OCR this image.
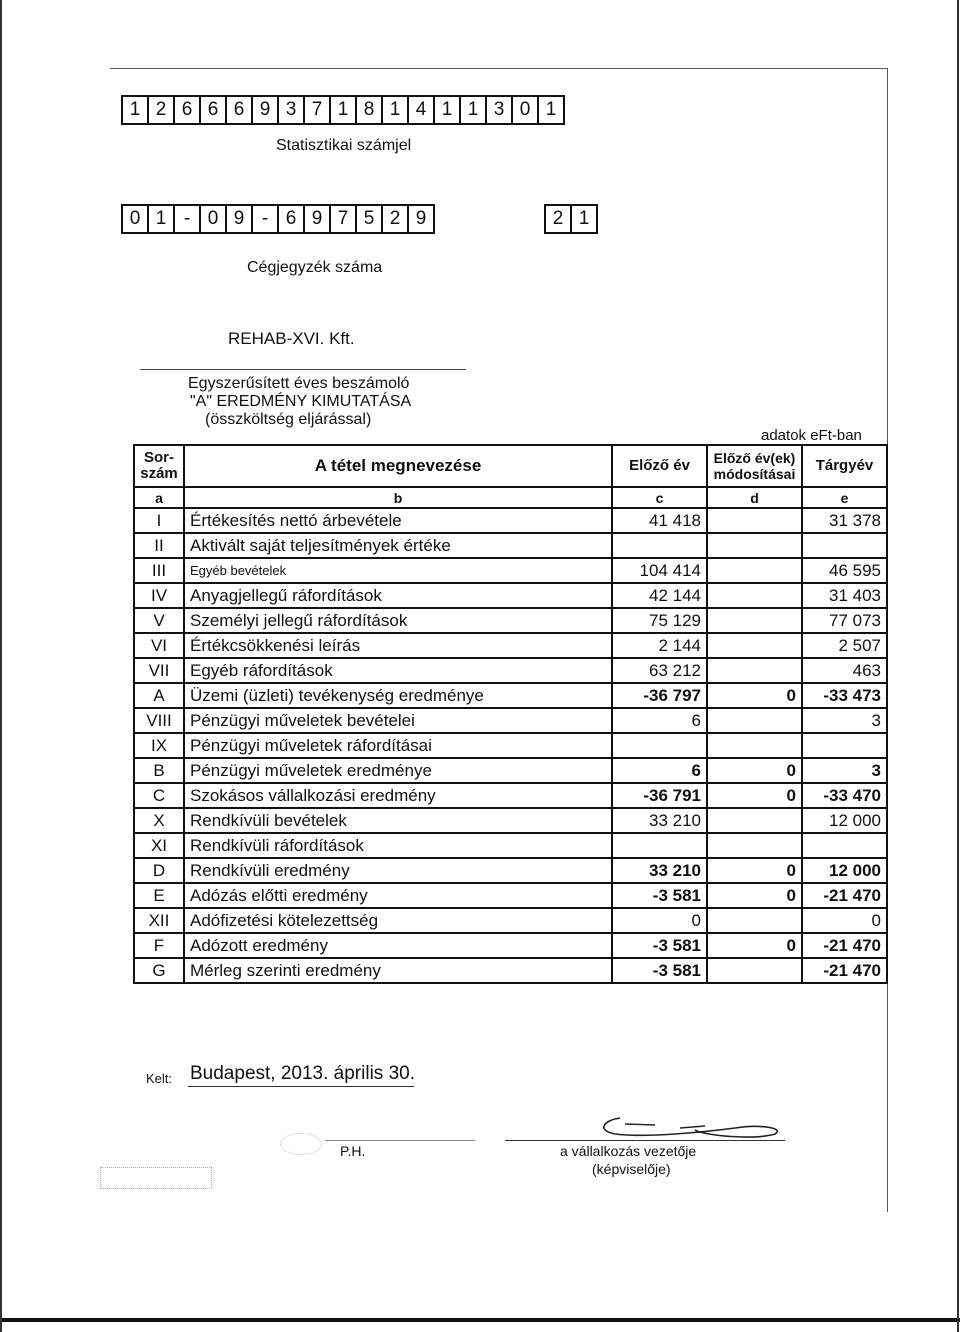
1 2 6 6 6 9 3 7 1 8 1 4 1 1 3 0 1
Statisztikai számjel
0 1 - 0 9 - 6 9 7 5 2 9	2 1
Cégjegyzék száma
REHAB-XVI. Kft.
Egyszerűsített éves beszámoló
"A" EREDMÉNY KIMUTATÁSA
(összköltség eljárással)
adatok eFt-ban
Sor-
szám	A tétel megnevezése	Előző év	Előző év(ek)
módosításai	Tárgyév
a	b	c	d	e
I	Értékesítés nettó árbevétele	41 418		31 378
II	Aktivált saját teljesítmények értéke			
III	Egyéb bevételek	104 414		46 595
IV	Anyagjellegű ráfordítások	42 144		31 403
V	Személyi jellegű ráfordítások	75 129		77 073
VI	Értékcsökkenési leírás	2 144		2 507
VII	Egyéb ráfordítások	63 212		463
A	Üzemi (üzleti) tevékenység eredménye	-36 797	0	-33 473
VIII	Pénzügyi műveletek bevételei	6		3
IX	Pénzügyi műveletek ráfordításai			
B	Pénzügyi műveletek eredménye	6	0	3
C	Szokásos vállalkozási eredmény	-36 791	0	-33 470
X	Rendkívüli bevételek	33 210		12 000
XI	Rendkívüli ráfordítások			
D	Rendkívüli eredmény	33 210	0	12 000
E	Adózás előtti eredmény	-3 581	0	-21 470
XII	Adófizetési kötelezettség	0		0
F	Adózott eredmény	-3 581	0	-21 470
G	Mérleg szerinti eredmény	-3 581		-21 470
Kelt: Budapest, 2013. április 30.
P.H.	a vállalkozás vezetője
(képviselője)
